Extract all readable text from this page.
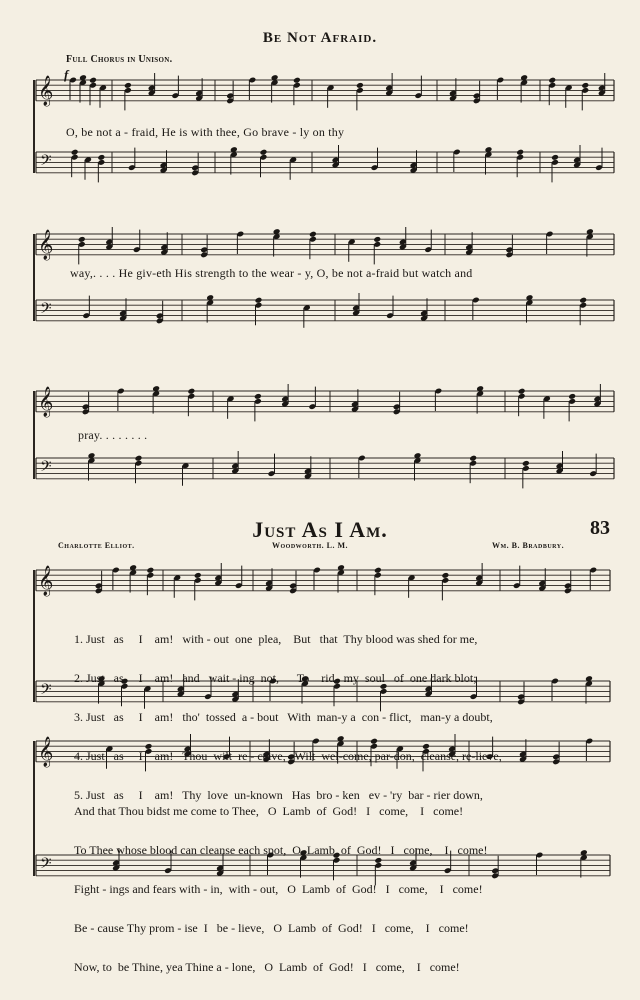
𝄞
𝄢
𝄞
𝄢
𝄞
𝄢
𝄞
𝄢
𝄞
𝄢
Be Not Afraid.
Full Chorus in Unison.
f
O, be not a - fraid, He is with thee, Go brave - ly on thy
way,. . . . He giv-eth His strength to the wear - y, O, be not a-fraid but watch and
pray. . . . . . . .
Just As I Am.	83
Charlotte Elliot.	Woodworth. L. M.	Wm. B. Bradbury.

1. Just   as     I    am!   with - out  one  plea,    But   that  Thy blood was shed for me,

2. Just   as     I    am!   and   wait - ing  not,      To    rid   my  soul   of  one dark blot;

3. Just   as     I    am!   tho'  tossed  a - bout   With  man-y a  con - flict,   man-y a doubt,

4. Just   as     I    am!   Thou  wilt  re - ceive,   Wilt  wel-come, par-don,  cleanse, re-lieve,

5. Just   as     I    am!   Thy  love  un-known   Has  bro - ken   ev - 'ry  bar - rier down,

And that Thou bidst me come to Thee,   O  Lamb  of  God!   I   come,    I   come!

To Thee whose blood can cleanse each spot,  O  Lamb  of  God!   I   come,    I   come!

Fight - ings and fears with - in,  with - out,   O  Lamb  of  God!   I   come,    I   come!

Be - cause Thy prom - ise  I   be - lieve,   O  Lamb  of  God!   I   come,    I   come!

Now, to  be Thine, yea Thine a - lone,   O  Lamb  of  God!   I   come,    I   come!
